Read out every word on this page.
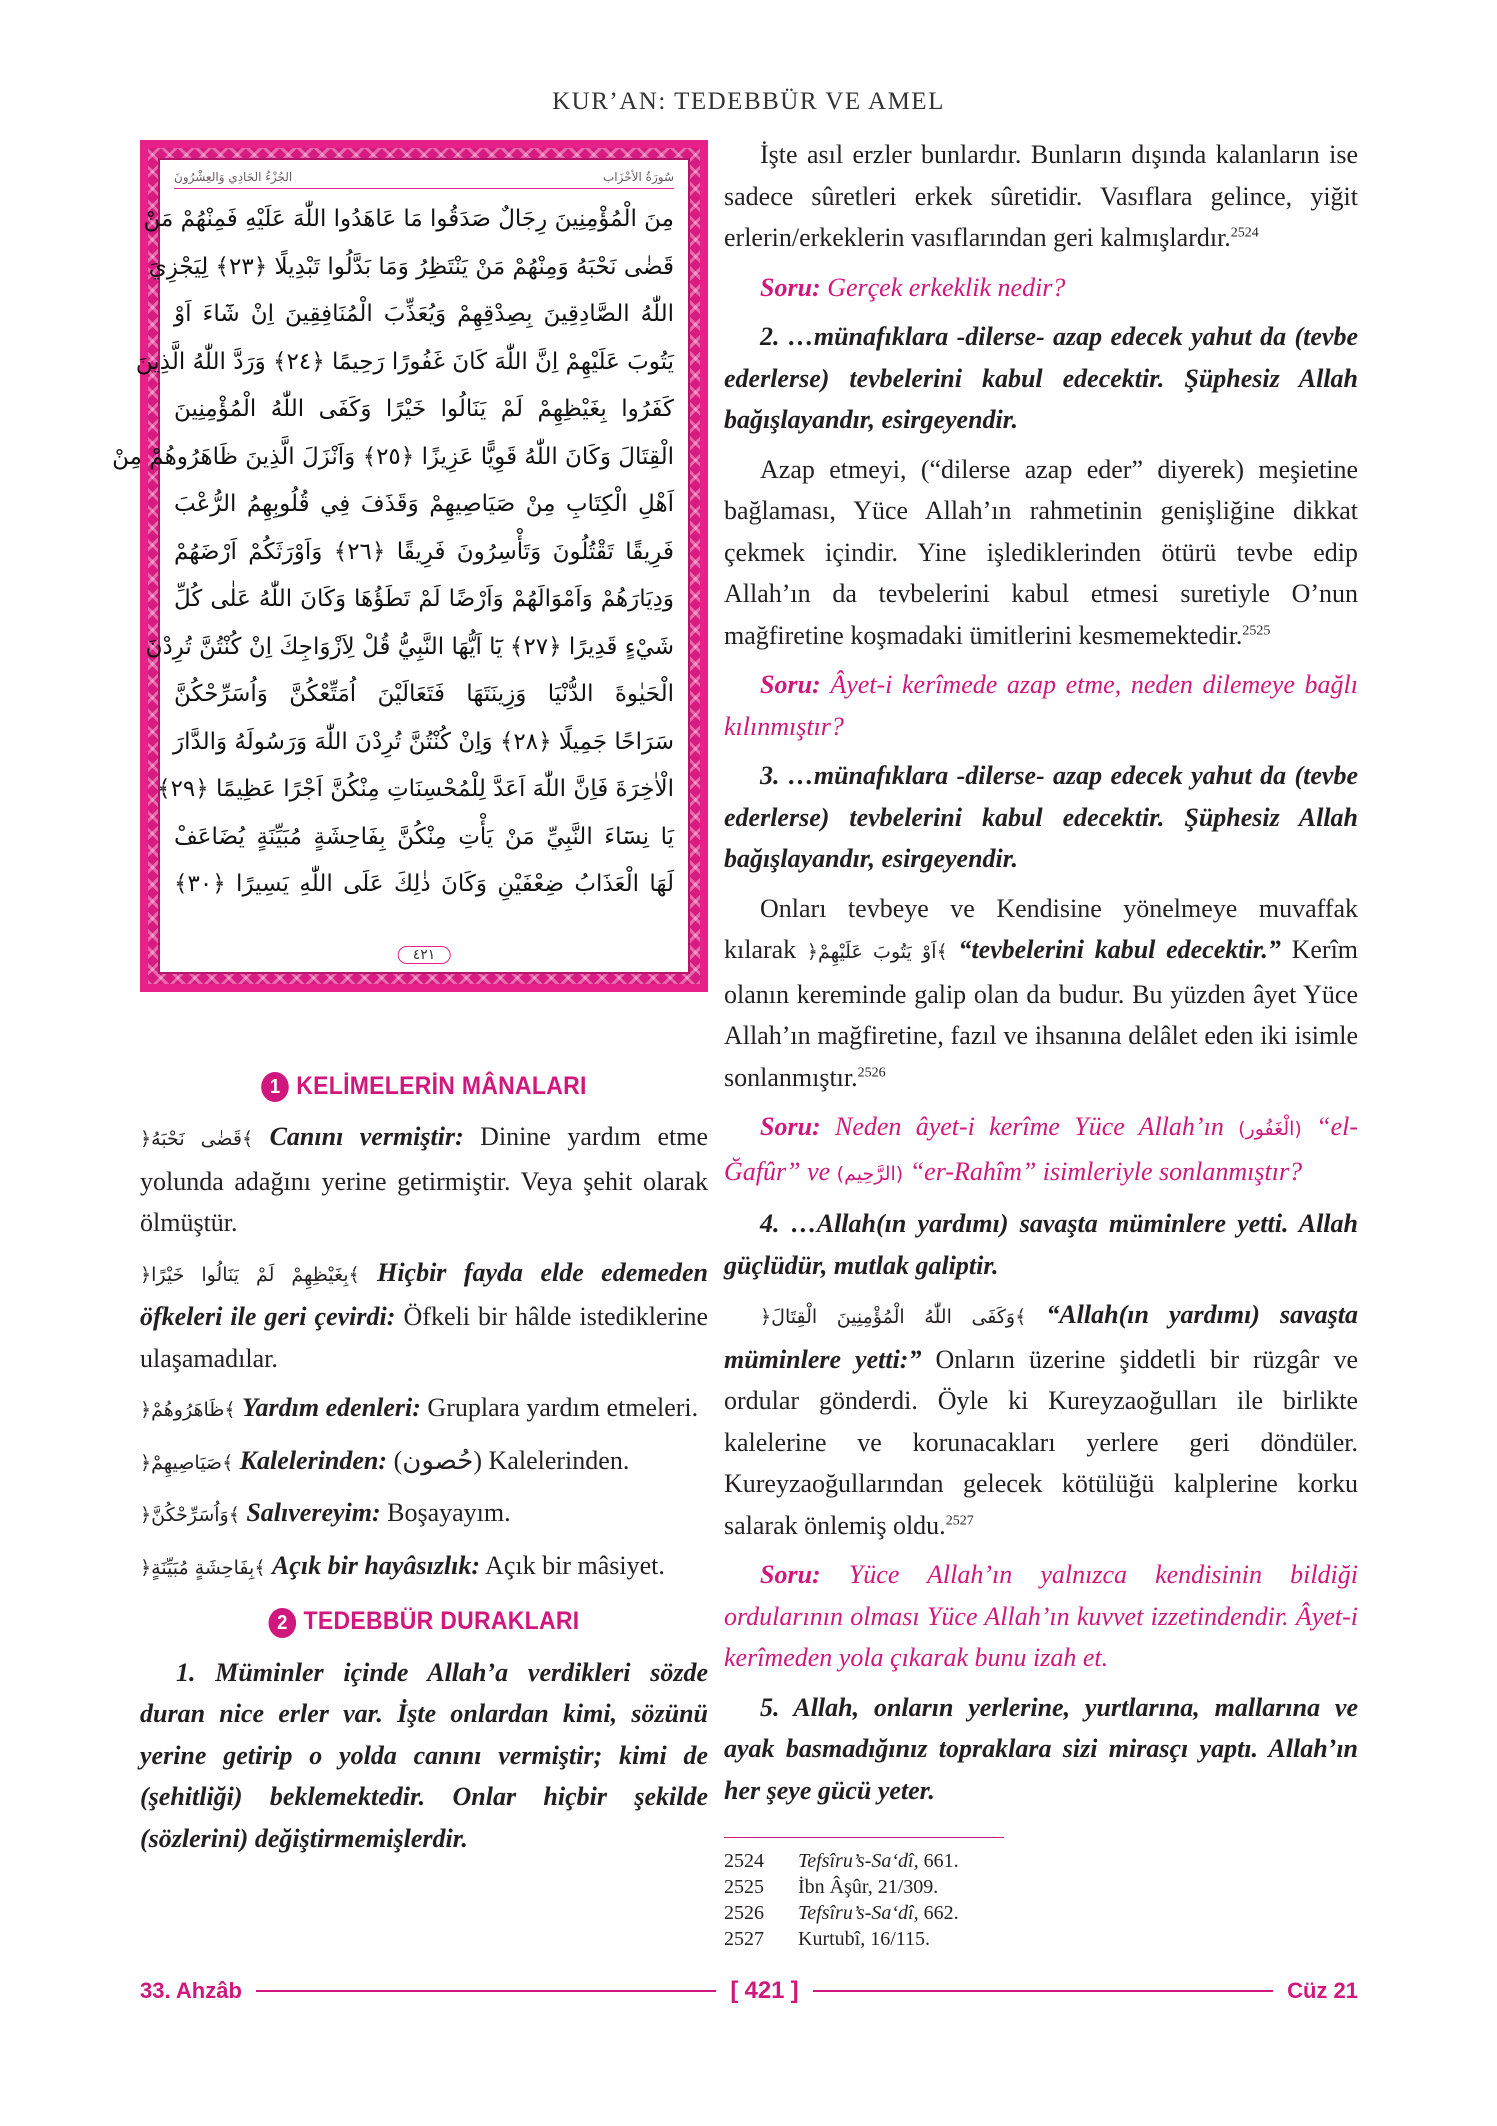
KUR’AN: TEDEBBÜR VE AMEL
الجُزْءُ الحَادِي وَالعِشْرُونَ	سُورَةُ الأحْزَاب
مِنَ الْمُؤْمِنِينَ رِجَالٌ صَدَقُوا مَا عَاهَدُوا اللّٰهَ عَلَيْهِ فَمِنْهُمْ مَنْ
قَضٰى نَحْبَهُ وَمِنْهُمْ مَنْ يَنْتَظِرُ وَمَا بَدَّلُوا تَبْدِيلًا ﴿٢٣﴾ لِيَجْزِيَ
اللّٰهُ الصَّادِقِينَ بِصِدْقِهِمْ وَيُعَذِّبَ الْمُنَافِقِينَ اِنْ شَٓاءَ اَوْ
يَتُوبَ عَلَيْهِمْ اِنَّ اللّٰهَ كَانَ غَفُورًا رَحِيمًا ﴿٢٤﴾ وَرَدَّ اللّٰهُ الَّذِينَ
كَفَرُوا بِغَيْظِهِمْ لَمْ يَنَالُوا خَيْرًا وَكَفَى اللّٰهُ الْمُؤْمِنِينَ
الْقِتَالَ وَكَانَ اللّٰهُ قَوِيًّا عَزِيزًا ﴿٢٥﴾ وَاَنْزَلَ الَّذِينَ ظَاهَرُوهُمْ مِنْ
اَهْلِ الْكِتَابِ مِنْ صَيَاصِيهِمْ وَقَذَفَ فِي قُلُوبِهِمُ الرُّعْبَ
فَرِيقًا تَقْتُلُونَ وَتَأْسِرُونَ فَرِيقًا ﴿٢٦﴾ وَاَوْرَثَكُمْ اَرْضَهُمْ
وَدِيَارَهُمْ وَاَمْوَالَهُمْ وَاَرْضًا لَمْ تَطَؤُهَا وَكَانَ اللّٰهُ عَلٰى كُلِّ
شَيْءٍ قَدِيرًا ﴿٢٧﴾ يَٓا اَيُّهَا النَّبِيُّ قُلْ لِاَزْوَاجِكَ اِنْ كُنْتُنَّ تُرِدْنَ
الْحَيٰوةَ الدُّنْيَا وَزِينَتَهَا فَتَعَالَيْنَ اُمَتِّعْكُنَّ وَاُسَرِّحْكُنَّ
سَرَاحًا جَمِيلًا ﴿٢٨﴾ وَاِنْ كُنْتُنَّ تُرِدْنَ اللّٰهَ وَرَسُولَهُ وَالدَّارَ
الْاٰخِرَةَ فَاِنَّ اللّٰهَ اَعَدَّ لِلْمُحْسِنَاتِ مِنْكُنَّ اَجْرًا عَظِيمًا ﴿٢٩﴾
يَا نِسَٓاءَ النَّبِيِّ مَنْ يَأْتِ مِنْكُنَّ بِفَاحِشَةٍ مُبَيِّنَةٍ يُضَاعَفْ
لَهَا الْعَذَابُ ضِعْفَيْنِ وَكَانَ ذٰلِكَ عَلَى اللّٰهِ يَسِيرًا ﴿٣٠﴾
٤٢١
1 KELİMELERİN MÂNALARI

﴿قَضٰى نَحْبَهُ﴾ Canını vermiştir: Dinine yardım etme yolunda adağını yerine getirmiştir. Veya şehit olarak ölmüştür.

﴿بِغَيْظِهِمْ لَمْ يَنَالُوا خَيْرًا﴾ Hiçbir fayda elde edemeden öfkeleri ile geri çevirdi: Öfkeli bir hâlde istediklerine ulaşamadılar.

﴿ظَاهَرُوهُمْ﴾ Yardım edenleri: Gruplara yardım etmeleri.

﴿صَيَاصِيهِمْ﴾ Kalelerinden: (حُصون) Kalelerinden.

﴿وَاُسَرِّحْكُنَّ﴾ Salıvereyim: Boşayayım.

﴿بِفَاحِشَةٍ مُبَيِّنَةٍ﴾ Açık bir hayâsızlık: Açık bir mâsiyet.

2 TEDEBBÜR DURAKLARI

1. Müminler içinde Allah’a verdikleri sözde duran nice erler var. İşte onlardan kimi, sözünü yerine getirip o yolda canını vermiştir; kimi de (şehitliği) beklemektedir. Onlar hiçbir şekilde (sözlerini) değiştirmemişlerdir.

İşte asıl erzler bunlardır. Bunların dışında kalanların ise sadece sûretleri erkek sûretidir. Vasıflara gelince, yiğit erlerin/erkeklerin vasıflarından geri kalmışlardır.$^{2524}$

Soru: Gerçek erkeklik nedir?

2. …münafıklara -dilerse- azap edecek yahut da (tevbe ederlerse) tevbelerini kabul edecektir. Şüphesiz Allah bağışlayandır, esirgeyendir.

Azap etmeyi, (“dilerse azap eder” diyerek) meşietine bağlaması, Yüce Allah’ın rahmetinin genişliğine dikkat çekmek içindir. Yine işlediklerinden ötürü tevbe edip Allah’ın da tevbelerini kabul etmesi suretiyle O’nun mağfiretine koşmadaki ümitlerini kesmemektedir.$^{2525}$

Soru: Âyet-i kerîmede azap etme, neden dilemeye bağlı kılınmıştır?

3. …münafıklara -dilerse- azap edecek yahut da (tevbe ederlerse) tevbelerini kabul edecektir. Şüphesiz Allah bağışlayandır, esirgeyendir.

Onları tevbeye ve Kendisine yönelmeye muvaffak kılarak ﴿اَوْ يَتُوبَ عَلَيْهِمْ﴾ “tevbelerini kabul edecektir.” Kerîm olanın kereminde galip olan da budur. Bu yüzden âyet Yüce Allah’ın mağfiretine, fazıl ve ihsanına delâlet eden iki isimle sonlanmıştır.$^{2526}$

Soru: Neden âyet-i kerîme Yüce Allah’ın (الْغَفُور) “el-Ğafûr” ve (الرَّحِيم) “er-Rahîm” isimleriyle sonlanmıştır?

4. …Allah(ın yardımı) savaşta müminlere yetti. Allah güçlüdür, mutlak galiptir.

﴿وَكَفَى اللّٰهُ الْمُؤْمِنِينَ الْقِتَالَ﴾ “Allah(ın yardımı) savaşta müminlere yetti:” Onların üzerine şiddetli bir rüzgâr ve ordular gönderdi. Öyle ki Kureyzaoğulları ile birlikte kalelerine ve korunacakları yerlere geri döndüler. Kureyzaoğullarından gelecek kötülüğü kalplerine korku salarak önlemiş oldu.$^{2527}$

Soru: Yüce Allah’ın yalnızca kendisinin bildiği ordularının olması Yüce Allah’ın kuvvet izzetindendir. Âyet-i kerîmeden yola çıkarak bunu izah et.

5. Allah, onların yerlerine, yurtlarına, mallarına ve ayak basmadığınız topraklara sizi mirasçı yaptı. Allah’ın her şeye gücü yeter.

2524	Tefsîru’s-Sa‘dî, 661.
2525	İbn Âşûr, 21/309.
2526	Tefsîru’s-Sa‘dî, 662.
2527	Kurtubî, 16/115.
33. Ahzâb	[ 421 ]	Cüz 21
